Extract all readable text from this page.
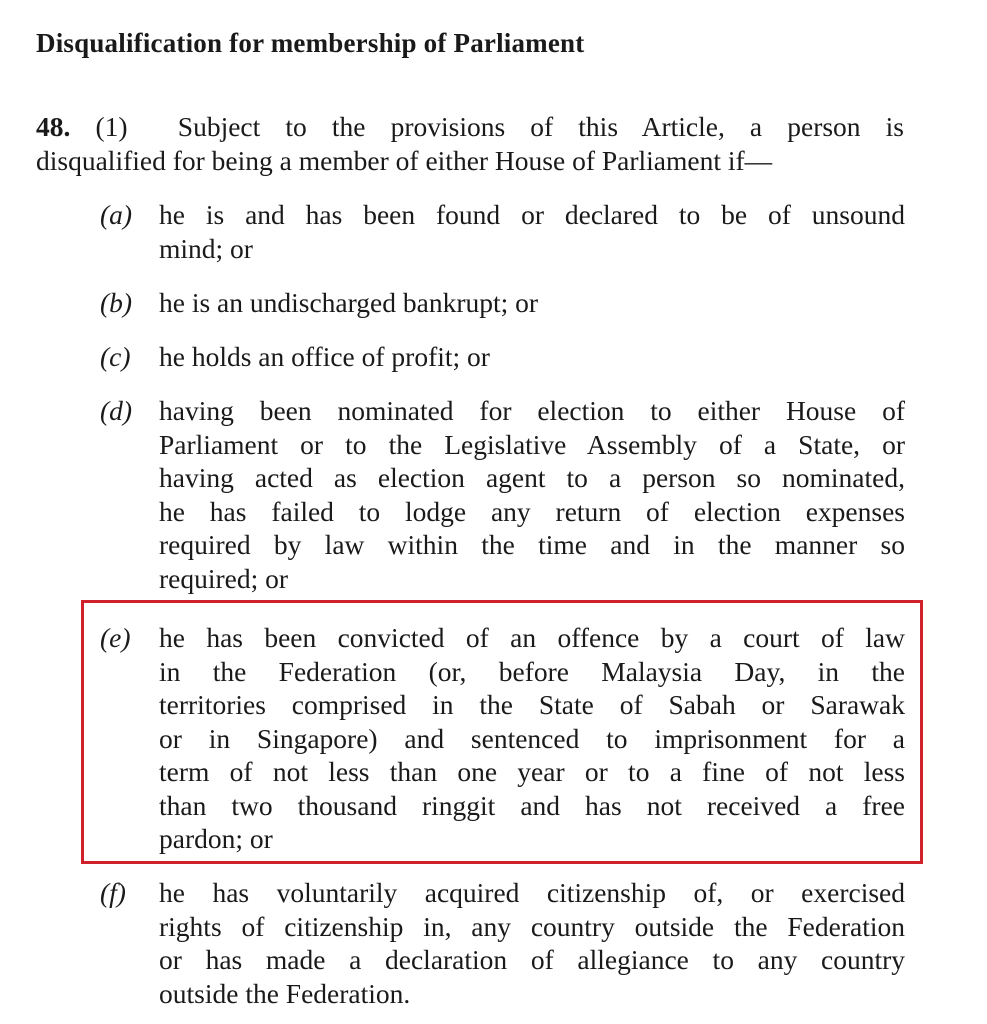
Disqualification for membership of Parliament
48. (1) Subject to the provisions of this Article, a person is
disqualified for being a member of either House of Parliament if—
(a) he is and has been found or declared to be of unsound
mind; or
(b) he is an undischarged bankrupt; or
(c)	he holds an office of profit; or
(d) having been nominated for election to either House of
Parliament or to the Legislative Assembly of a State, or
having acted as election agent to a person so nominated,
he has failed to lodge any return of election expenses
required by law within the time and in the manner so
required; or
(e)	he has been convicted of an offence by a court of law
in the Federation (or, before Malaysia Day, in the
territories comprised in the State of Sabah or Sarawak
or in Singapore) and sentenced to imprisonment for a
term of not less than one year or to a fine of not less
than two thousand ringgit and has not received a free
pardon; or
(f)	he has voluntarily acquired citizenship of, or exercised
rights of citizenship in, any country outside the Federation
or has made a declaration of allegiance to any country
outside the Federation.
